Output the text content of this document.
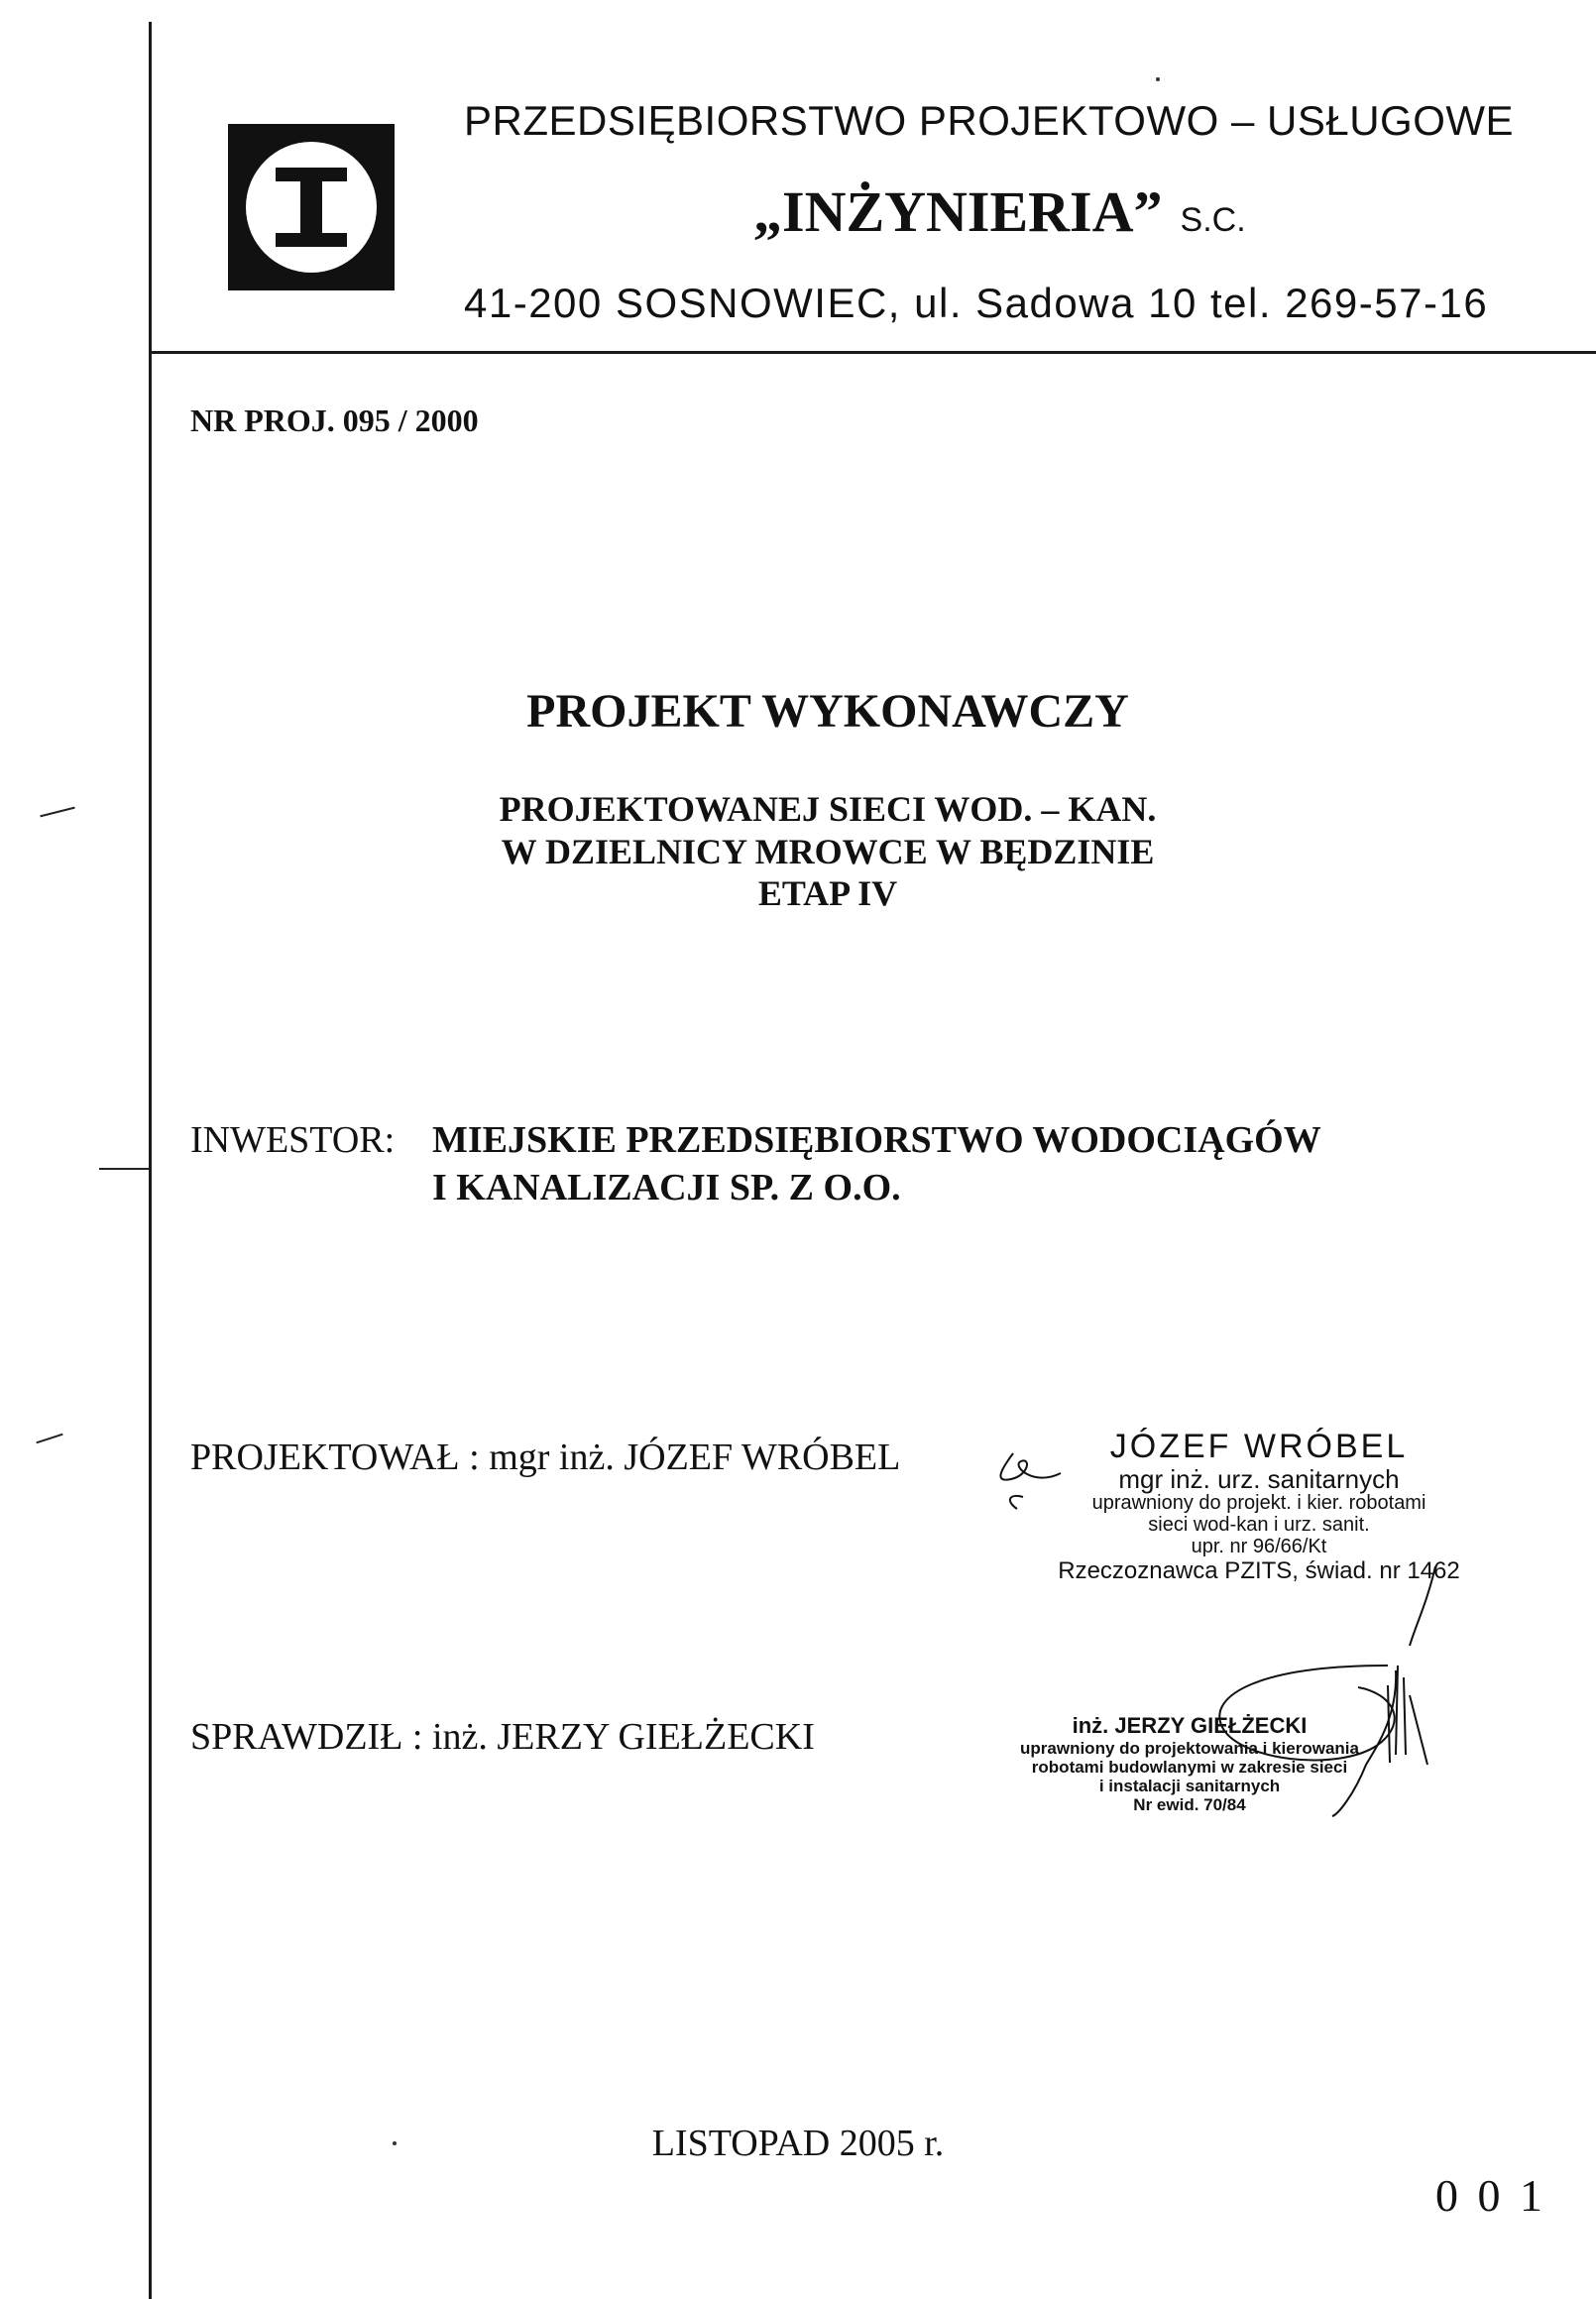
PRZEDSIĘBIORSTWO PROJEKTOWO – USŁUGOWE
„INŻYNIERIA” S.C.
41-200 SOSNOWIEC, ul. Sadowa 10 tel. 269-57-16
NR PROJ. 095 / 2000
PROJEKT WYKONAWCZY
PROJEKTOWANEJ SIECI WOD. – KAN.
W DZIELNICY MROWCE W BĘDZINIE
ETAP IV
INWESTOR: MIEJSKIE PRZEDSIĘBIORSTWO WODOCIĄGÓW
I KANALIZACJI SP. Z O.O.
PROJEKTOWAŁ : mgr inż. JÓZEF WRÓBEL	JÓZEF WRÓBEL
mgr inż. urz. sanitarnych
uprawniony do projekt. i kier. robotami
sieci wod-kan i urz. sanit.
upr. nr 96/66/Kt
Rzeczoznawca PZITS, świad. nr 1462
SPRAWDZIŁ : inż. JERZY GIEŁŻECKI	inż. JERZY GIEŁŻECKI
uprawniony do projektowania i kierowania
robotami budowlanymi w zakresie sieci
i instalacji sanitarnych
Nr ewid. 70/84
LISTOPAD 2005 r.
0 0 1
